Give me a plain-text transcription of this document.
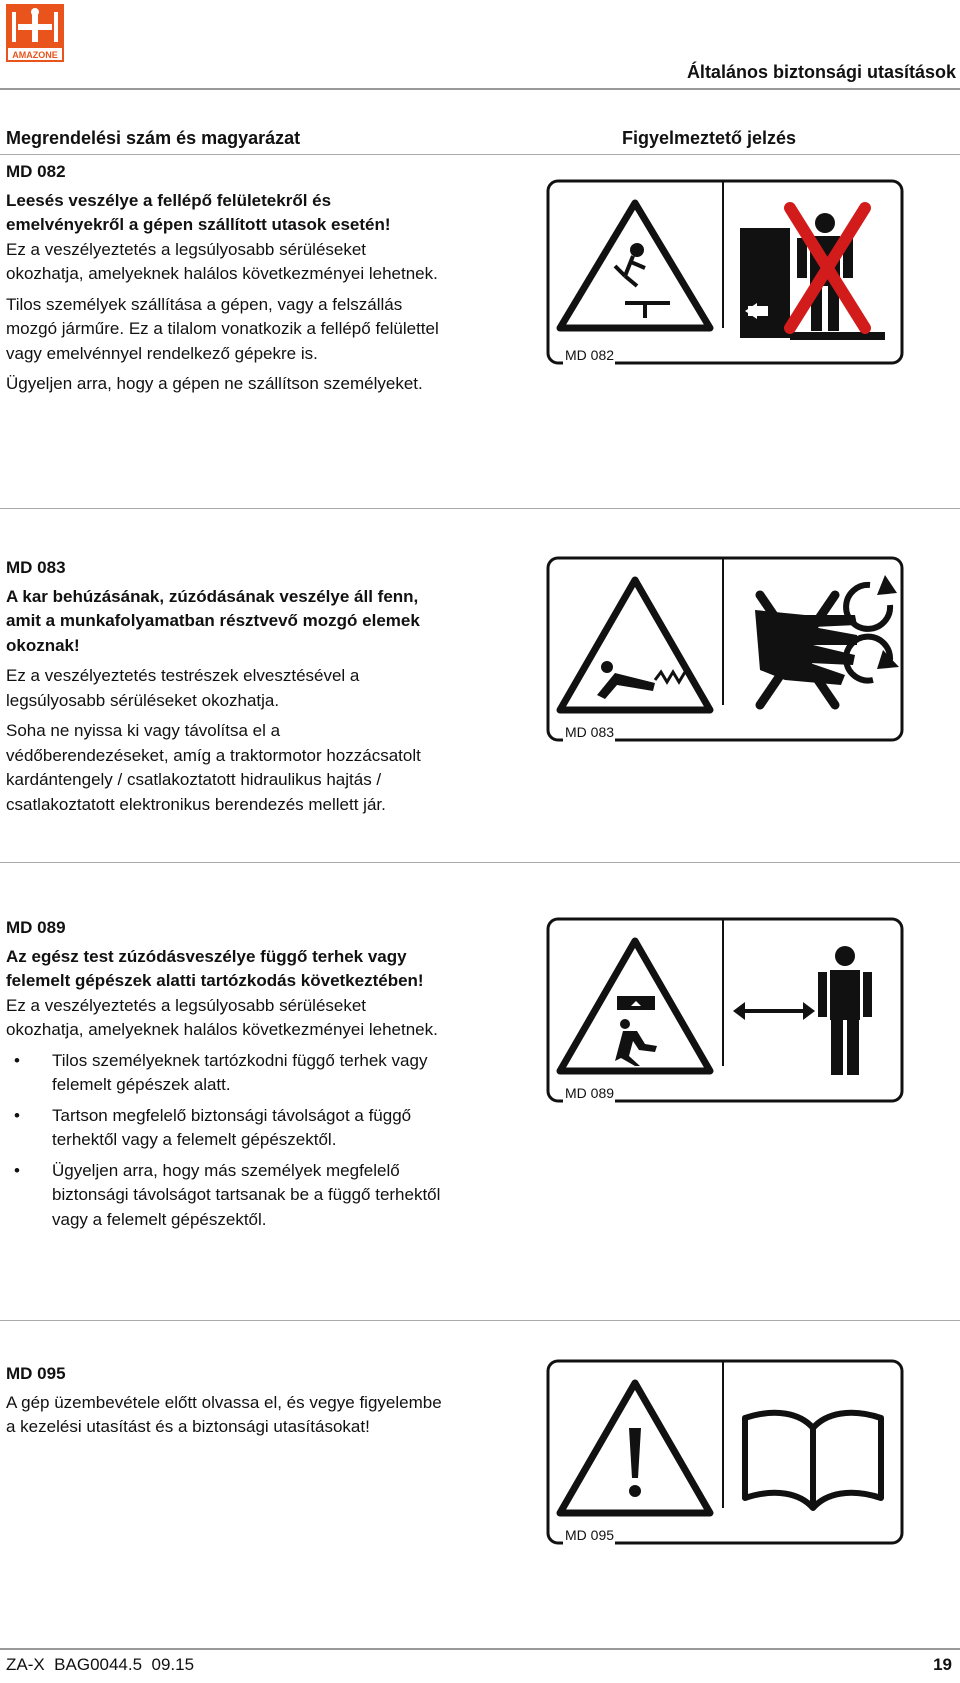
AMAZONE
Általános biztonsági utasítások
Megrendelési szám és magyarázat	Figyelmeztető jelzés

MD 082

Leesés veszélye a fellépő felületekről és emelvényekről a gépen szállított utasok esetén!

Ez a veszélyeztetés a legsúlyosabb sérüléseket okozhatja, amelyeknek halálos következményei lehetnek.

Tilos személyek szállítása a gépen, vagy a felszállás mozgó járműre. Ez a tilalom vonatkozik a fellépő felülettel vagy emelvénnyel rendelkező gépekre is.

Ügyeljen arra, hogy a gépen ne szállítson személyeket.

MD 082

MD 083

A kar behúzásának, zúzódásának veszélye áll fenn, amit a munkafolyamatban résztvevő mozgó elemek okoznak!

Ez a veszélyeztetés testrészek elvesztésével a legsúlyosabb sérüléseket okozhatja.

Soha ne nyissa ki vagy távolítsa el a védőberendezéseket, amíg a traktormotor hozzácsatolt kardántengely / csatlakoztatott hidraulikus hajtás / csatlakoztatott elektronikus berendezés mellett jár.

MD 083

MD 089

Az egész test zúzódásveszélye függő terhek vagy felemelt gépészek alatti tartózkodás következtében!

Ez a veszélyeztetés a legsúlyosabb sérüléseket okozhatja, amelyeknek halálos következményei lehetnek.

• Tilos személyeknek tartózkodni függő terhek vagy felemelt gépészek alatt.
• Tartson megfelelő biztonsági távolságot a függő terhektől vagy a felemelt gépészektől.
• Ügyeljen arra, hogy más személyek megfelelő biztonsági távolságot tartsanak be a függő terhektől vagy a felemelt gépészektől.
MD 089

MD 095

A gép üzembevétele előtt olvassa el, és vegye figyelembe a kezelési utasítást és a biztonsági utasításokat!

MD 095
ZA-X  BAG0044.5  09.15	19
